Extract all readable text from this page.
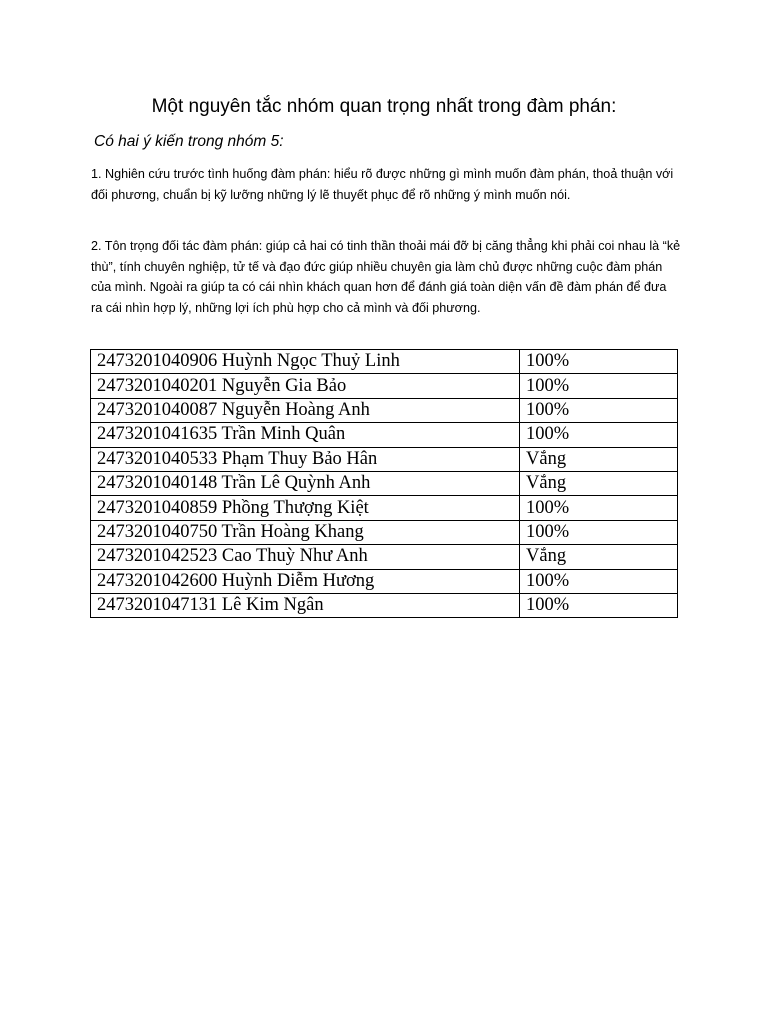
Một nguyên tắc nhóm quan trọng nhất trong đàm phán:
Có hai ý kiến trong nhóm 5:

1. Nghiên cứu trước tình huống đàm phán: hiểu rõ được những gì mình muốn đàm phán, thoả thuận với đối phương, chuẩn bị kỹ lưỡng những lý lẽ thuyết phục để rõ những ý mình muốn nói.

2. Tôn trọng đối tác đàm phán: giúp cả hai có tinh thần thoải mái đỡ bị căng thẳng khi phải coi nhau là “kẻ thù”, tính chuyên nghiệp, tử tế và đạo đức giúp nhiều chuyên gia làm chủ được những cuộc đàm phán của mình. Ngoài ra giúp ta có cái nhìn khách quan hơn để đánh giá toàn diện vấn đề đàm phán để đưa ra cái nhìn hợp lý, những lợi ích phù hợp cho cả mình và đối phương.

2473201040906 Huỳnh Ngọc Thuỷ Linh	100%
2473201040201 Nguyễn Gia Bảo	100%
2473201040087 Nguyễn Hoàng Anh	100%
2473201041635 Trần Minh Quân	100%
2473201040533 Phạm Thuy Bảo Hân	Vắng
2473201040148 Trần Lê Quỳnh Anh	Vắng
2473201040859 Phồng Thượng Kiệt	100%
2473201040750 Trần Hoàng Khang	100%
2473201042523 Cao Thuỳ Như Anh	Vắng
2473201042600 Huỳnh Diễm Hương	100%
2473201047131 Lê Kim Ngân	100%
